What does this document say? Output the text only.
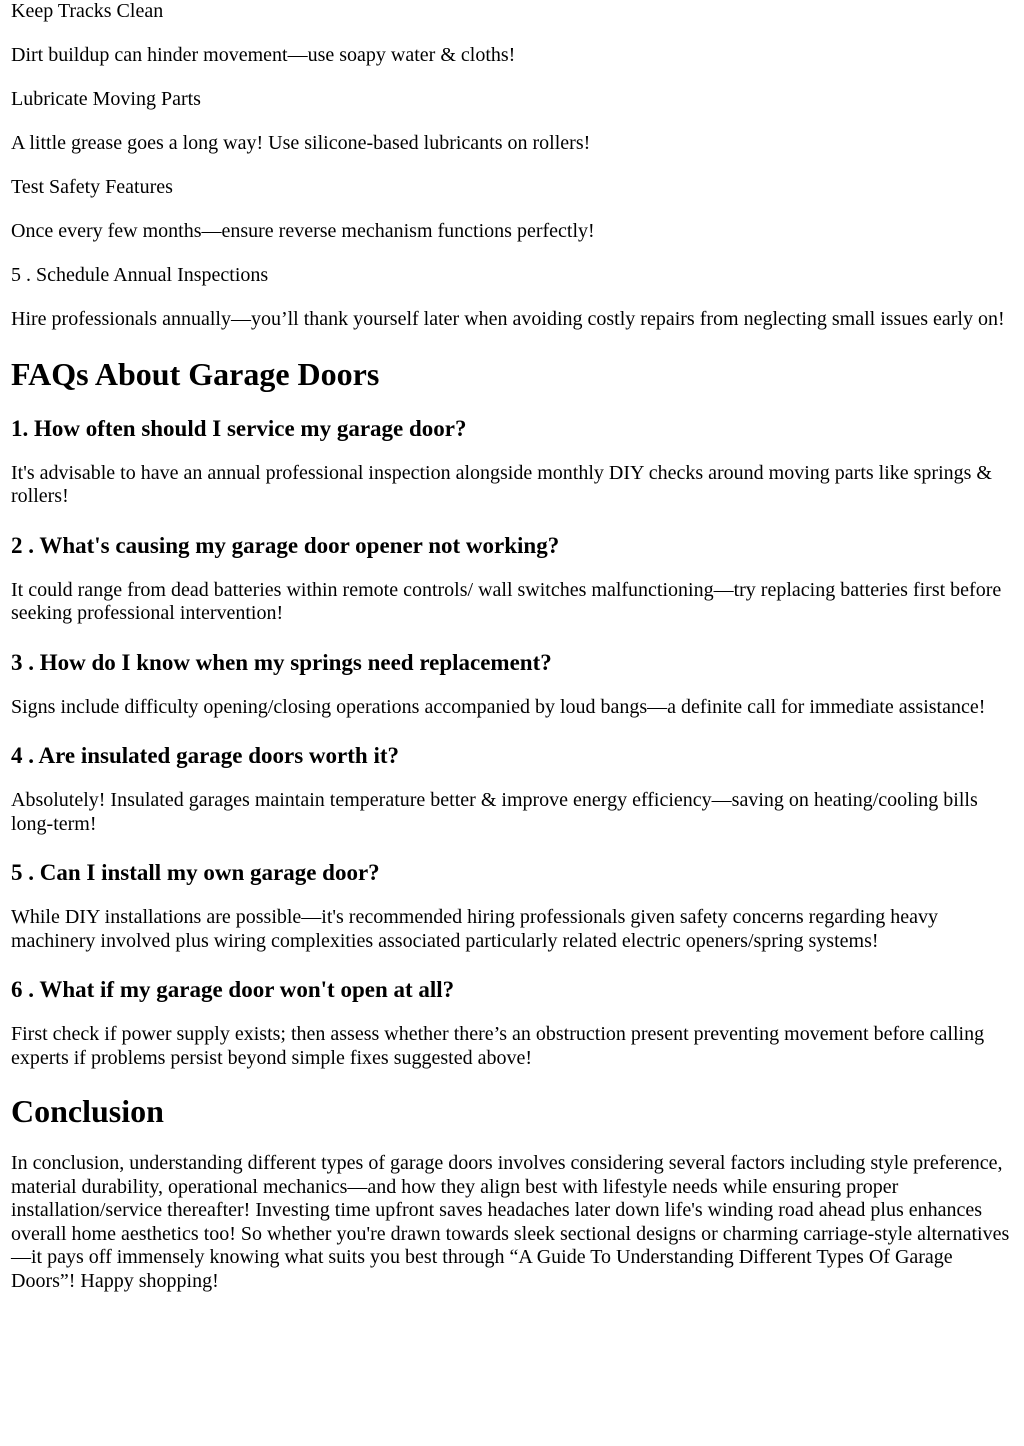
Keep Tracks Clean

Dirt buildup can hinder movement—use soapy water & cloths!

Lubricate Moving Parts

A little grease goes a long way! Use silicone-based lubricants on rollers!

Test Safety Features

Once every few months—ensure reverse mechanism functions perfectly!

5 . Schedule Annual Inspections

Hire professionals annually—you’ll thank yourself later when avoiding costly repairs from neglecting small issues early on!

FAQs About Garage Doors
1. How often should I service my garage door?

It's advisable to have an annual professional inspection alongside monthly DIY checks around moving parts like springs & rollers!

2 . What's causing my garage door opener not working?

It could range from dead batteries within remote controls/ wall switches malfunctioning—try replacing batteries first before seeking professional intervention!

3 . How do I know when my springs need replacement?

Signs include difficulty opening/closing operations accompanied by loud bangs—a definite call for immediate assistance!

4 . Are insulated garage doors worth it?

Absolutely! Insulated garages maintain temperature better & improve energy efficiency—saving on heating/cooling bills long-term!

5 . Can I install my own garage door?

While DIY installations are possible—it's recommended hiring professionals given safety concerns regarding heavy machinery involved plus wiring complexities associated particularly related electric openers/spring systems!

6 . What if my garage door won't open at all?

First check if power supply exists; then assess whether there’s an obstruction present preventing movement before calling experts if problems persist beyond simple fixes suggested above!

Conclusion

In conclusion, understanding different types of garage doors involves considering several factors including style preference, material durability, operational mechanics—and how they align best with lifestyle needs while ensuring proper installation/service thereafter! Investing time upfront saves headaches later down life's winding road ahead plus enhances overall home aesthetics too! So whether you're drawn towards sleek sectional designs or charming carriage-style alternatives—it pays off immensely knowing what suits you best through “A Guide To Understanding Different Types Of Garage Doors”! Happy shopping!
